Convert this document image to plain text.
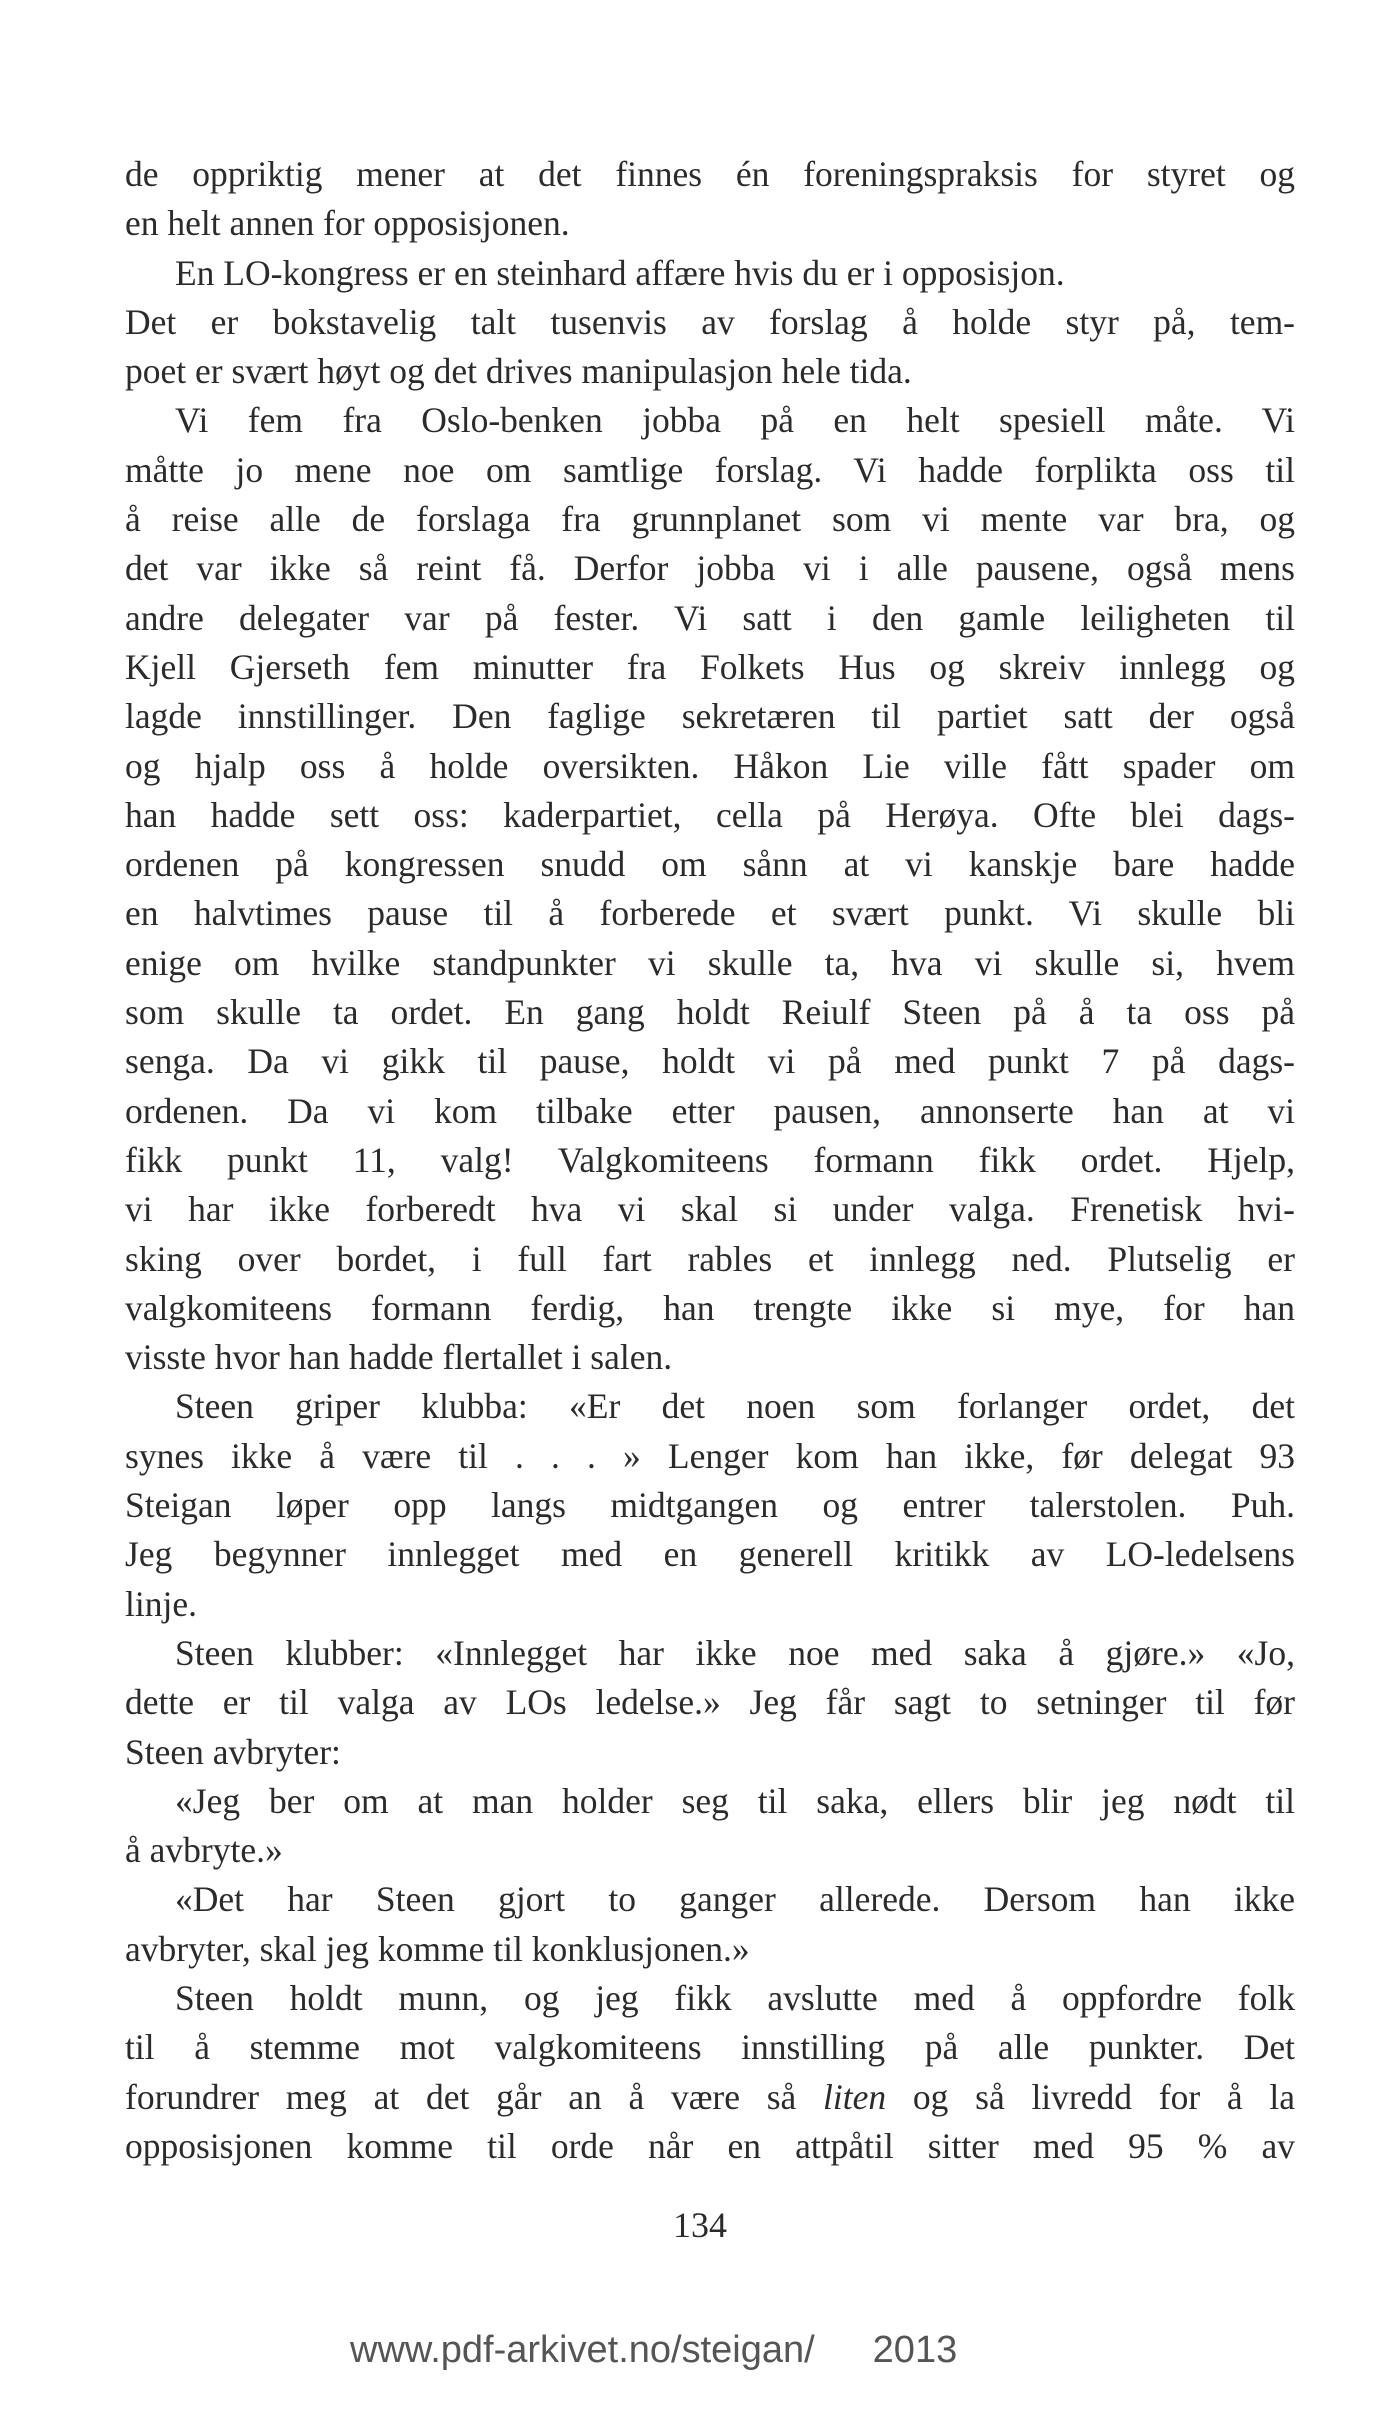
de oppriktig mener at det finnes én foreningspraksis for styret og
en helt annen for opposisjonen.
En LO-kongress er en steinhard affære hvis du er i opposisjon.
Det er bokstavelig talt tusenvis av forslag å holde styr på, tem-
poet er svært høyt og det drives manipulasjon hele tida.
Vi fem fra Oslo-benken jobba på en helt spesiell måte. Vi
måtte jo mene noe om samtlige forslag. Vi hadde forplikta oss til
å reise alle de forslaga fra grunnplanet som vi mente var bra, og
det var ikke så reint få. Derfor jobba vi i alle pausene, også mens
andre delegater var på fester. Vi satt i den gamle leiligheten til
Kjell Gjerseth fem minutter fra Folkets Hus og skreiv innlegg og
lagde innstillinger. Den faglige sekretæren til partiet satt der også
og hjalp oss å holde oversikten. Håkon Lie ville fått spader om
han hadde sett oss: kaderpartiet, cella på Herøya. Ofte blei dags-
ordenen på kongressen snudd om sånn at vi kanskje bare hadde
en halvtimes pause til å forberede et svært punkt. Vi skulle bli
enige om hvilke standpunkter vi skulle ta, hva vi skulle si, hvem
som skulle ta ordet. En gang holdt Reiulf Steen på å ta oss på
senga. Da vi gikk til pause, holdt vi på med punkt 7 på dags-
ordenen. Da vi kom tilbake etter pausen, annonserte han at vi
fikk punkt 11, valg! Valgkomiteens formann fikk ordet. Hjelp,
vi har ikke forberedt hva vi skal si under valga. Frenetisk hvi-
sking over bordet, i full fart rables et innlegg ned. Plutselig er
valgkomiteens formann ferdig, han trengte ikke si mye, for han
visste hvor han hadde flertallet i salen.
Steen griper klubba: «Er det noen som forlanger ordet, det
synes ikke å være til . . . » Lenger kom han ikke, før delegat 93
Steigan løper opp langs midtgangen og entrer talerstolen. Puh.
Jeg begynner innlegget med en generell kritikk av LO-ledelsens
linje.
Steen klubber: «Innlegget har ikke noe med saka å gjøre.» «Jo,
dette er til valga av LOs ledelse.» Jeg får sagt to setninger til før
Steen avbryter:
«Jeg ber om at man holder seg til saka, ellers blir jeg nødt til
å avbryte.»
«Det har Steen gjort to ganger allerede. Dersom han ikke
avbryter, skal jeg komme til konklusjonen.»
Steen holdt munn, og jeg fikk avslutte med å oppfordre folk
til å stemme mot valgkomiteens innstilling på alle punkter. Det
forundrer meg at det går an å være så liten og så livredd for å la
opposisjonen komme til orde når en attpåtil sitter med 95 % av
134
www.pdf-arkivet.no/steigan/ 2013
